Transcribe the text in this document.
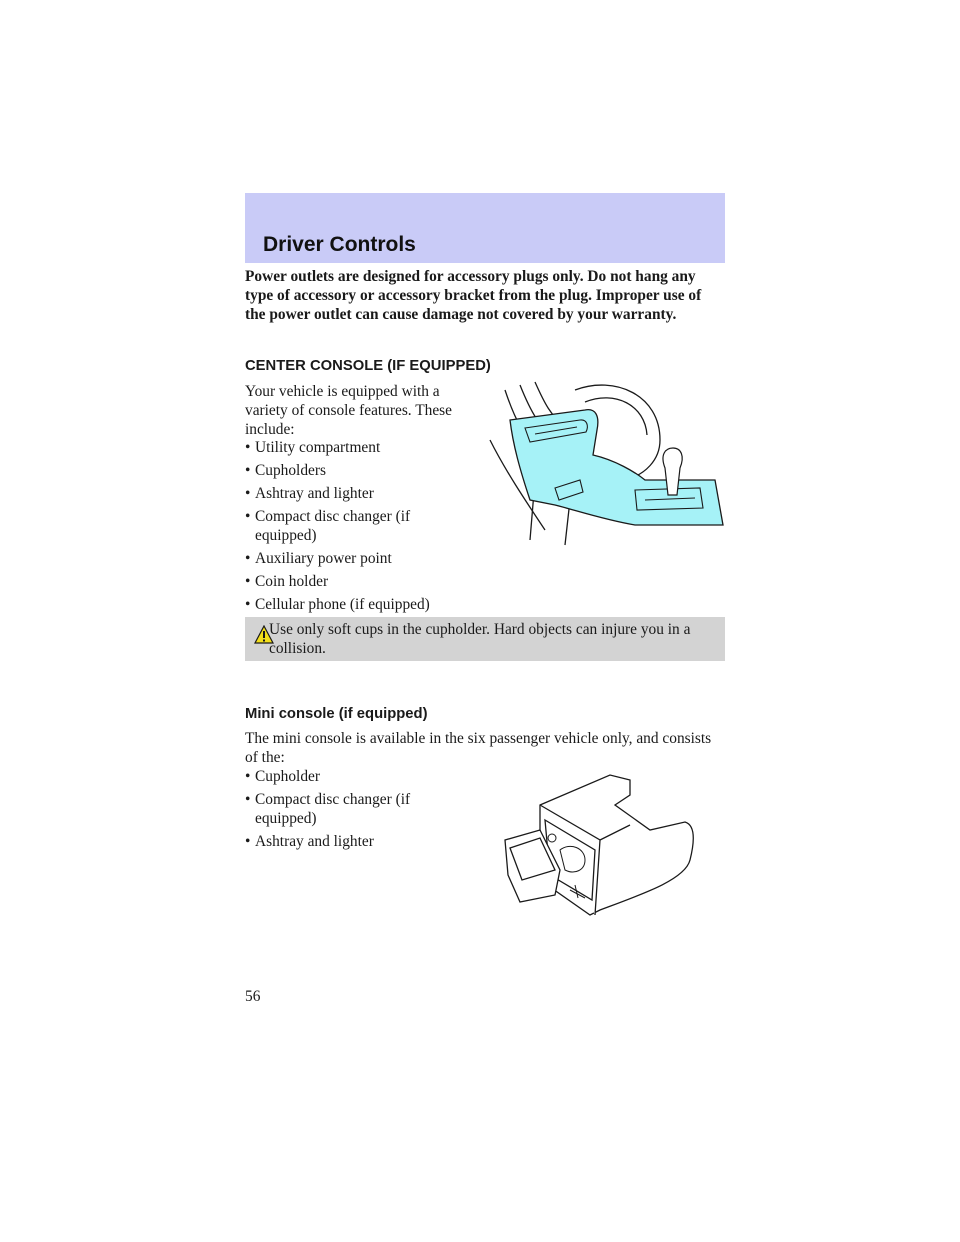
Driver Controls
Power outlets are designed for accessory plugs only. Do not hang any type of accessory or accessory bracket from the plug. Improper use of the power outlet can cause damage not covered by your warranty.
CENTER CONSOLE (IF EQUIPPED)
Your vehicle is equipped with a variety of console features. These include:
• Utility compartment
• Cupholders
• Ashtray and lighter
• Compact disc changer (if equipped)
• Auxiliary power point
• Coin holder
• Cellular phone (if equipped)
Use only soft cups in the cupholder. Hard objects can injure you in a collision.
Mini console (if equipped)
The mini console is available in the six passenger vehicle only, and consists of the:
• Cupholder
• Compact disc changer (if equipped)
• Ashtray and lighter
56
